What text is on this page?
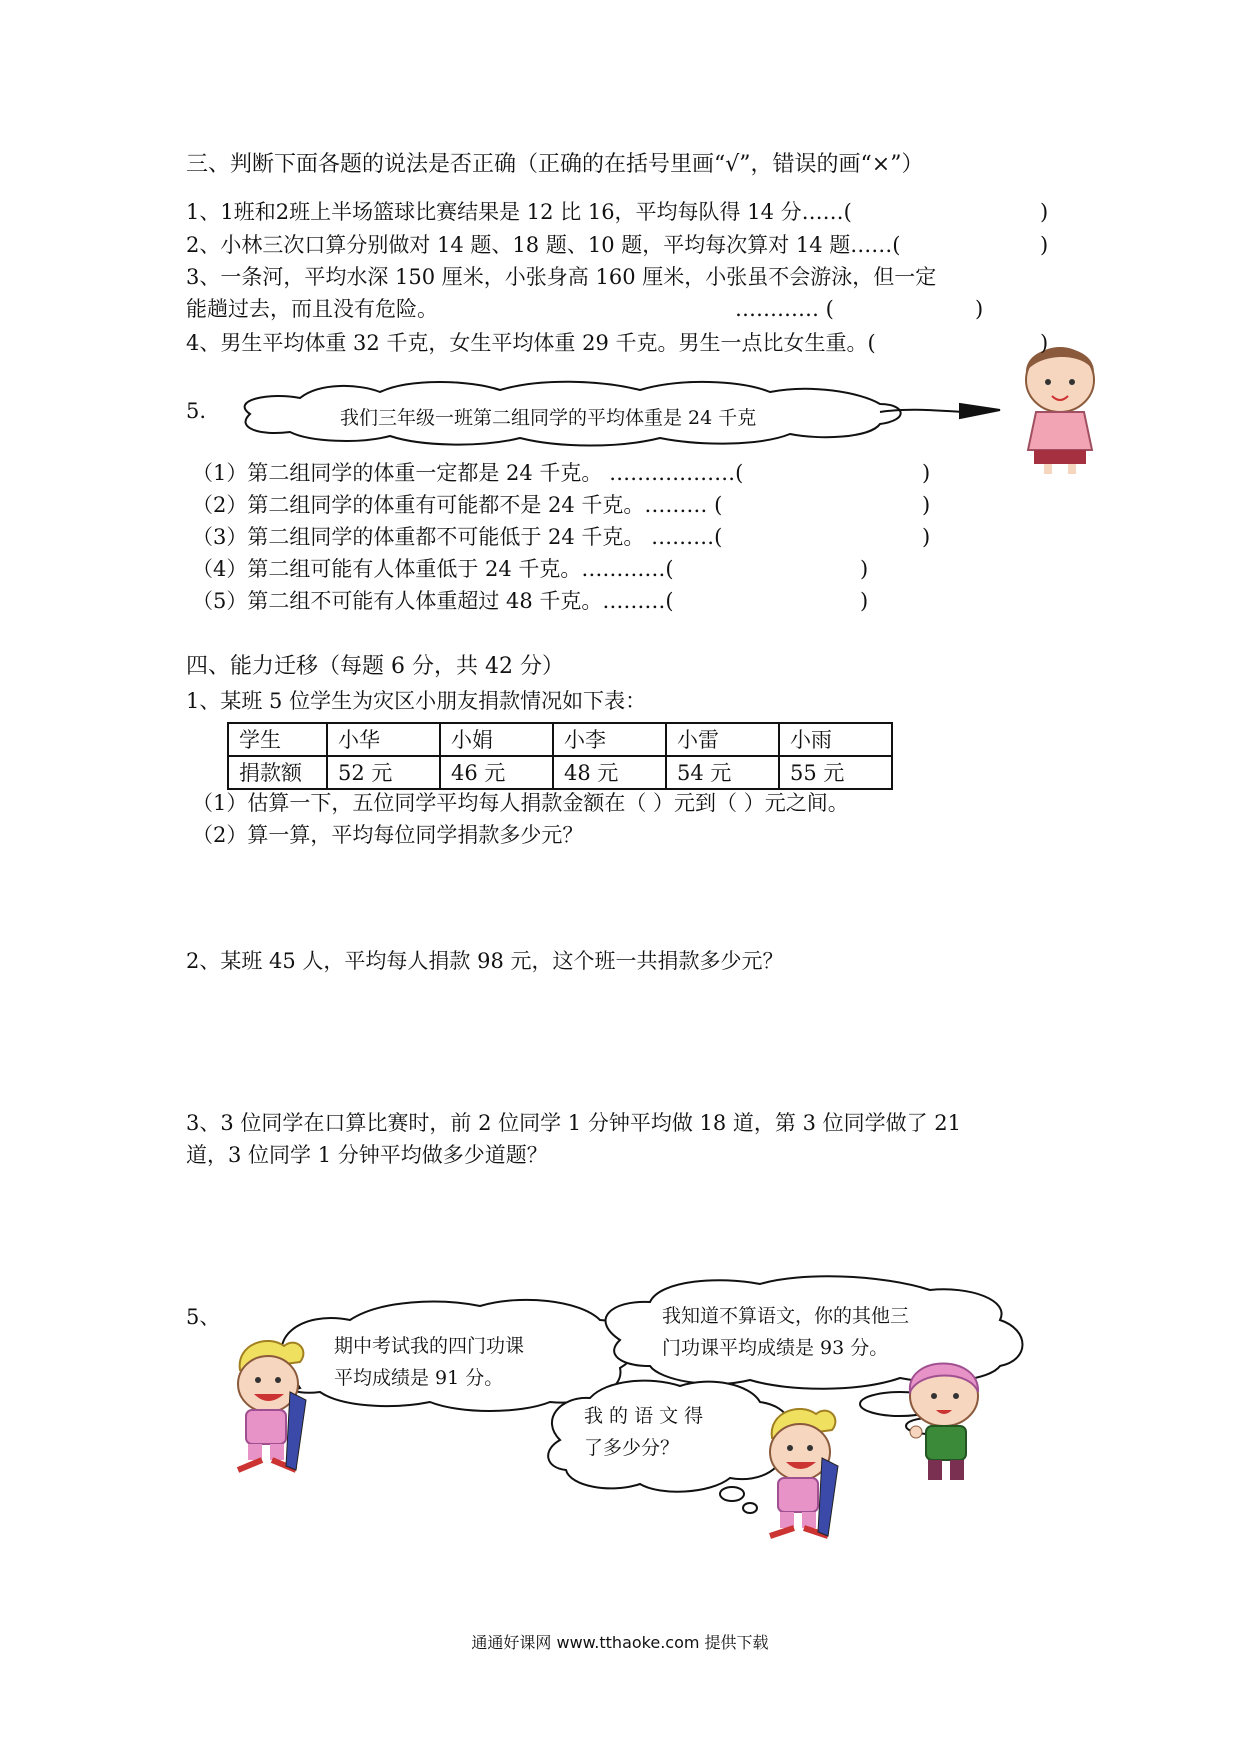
三、判断下面各题的说法是否正确（正确的在括号里画“√”，错误的画“×”）
1、1班和2班上半场篮球比赛结果是 12 比 16，平均每队得 14 分……(	)
2、小林三次口算分别做对 14 题、18 题、10 题，平均每次算对 14 题……(	)
3、一条河，平均水深 150 厘米，小张身高 160 厘米，小张虽不会游泳，但一定
能趟过去，而且没有危险。	………… (	)
4、男生平均体重 32 千克，女生平均体重 29 千克。男生一点比女生重。(	)
5.	我们三年级一班第二组同学的平均体重是 24 千克
（1）第二组同学的体重一定都是 24 千克。 ………………(	)
（2）第二组同学的体重有可能都不是 24 千克。……… (	)
（3）第二组同学的体重都不可能低于 24 千克。 ………(	)
（4）第二组可能有人体重低于 24 千克。…………(	)
（5）第二组不可能有人体重超过 48 千克。………(	)
四、能力迁移（每题 6 分，共 42 分）
1、某班 5 位学生为灾区小朋友捐款情况如下表：
学生	小华	小娟	小李	小雷	小雨
捐款额	52 元	46 元	48 元	54 元	55 元
（1）估算一下，五位同学平均每人捐款金额在（ ）元到（ ）元之间。
（2）算一算，平均每位同学捐款多少元？
2、某班 45 人，平均每人捐款 98 元，这个班一共捐款多少元？
3、3 位同学在口算比赛时，前 2 位同学 1 分钟平均做 18 道，第 3 位同学做了 21
道，3 位同学 1 分钟平均做多少道题？
5、
期中考试我的四门功课
平均成绩是 91 分。
我知道不算语文，你的其他三
门功课平均成绩是 93 分。
我 的 语 文 得
了多少分？
通通好课网 www.tthaoke.com 提供下载
